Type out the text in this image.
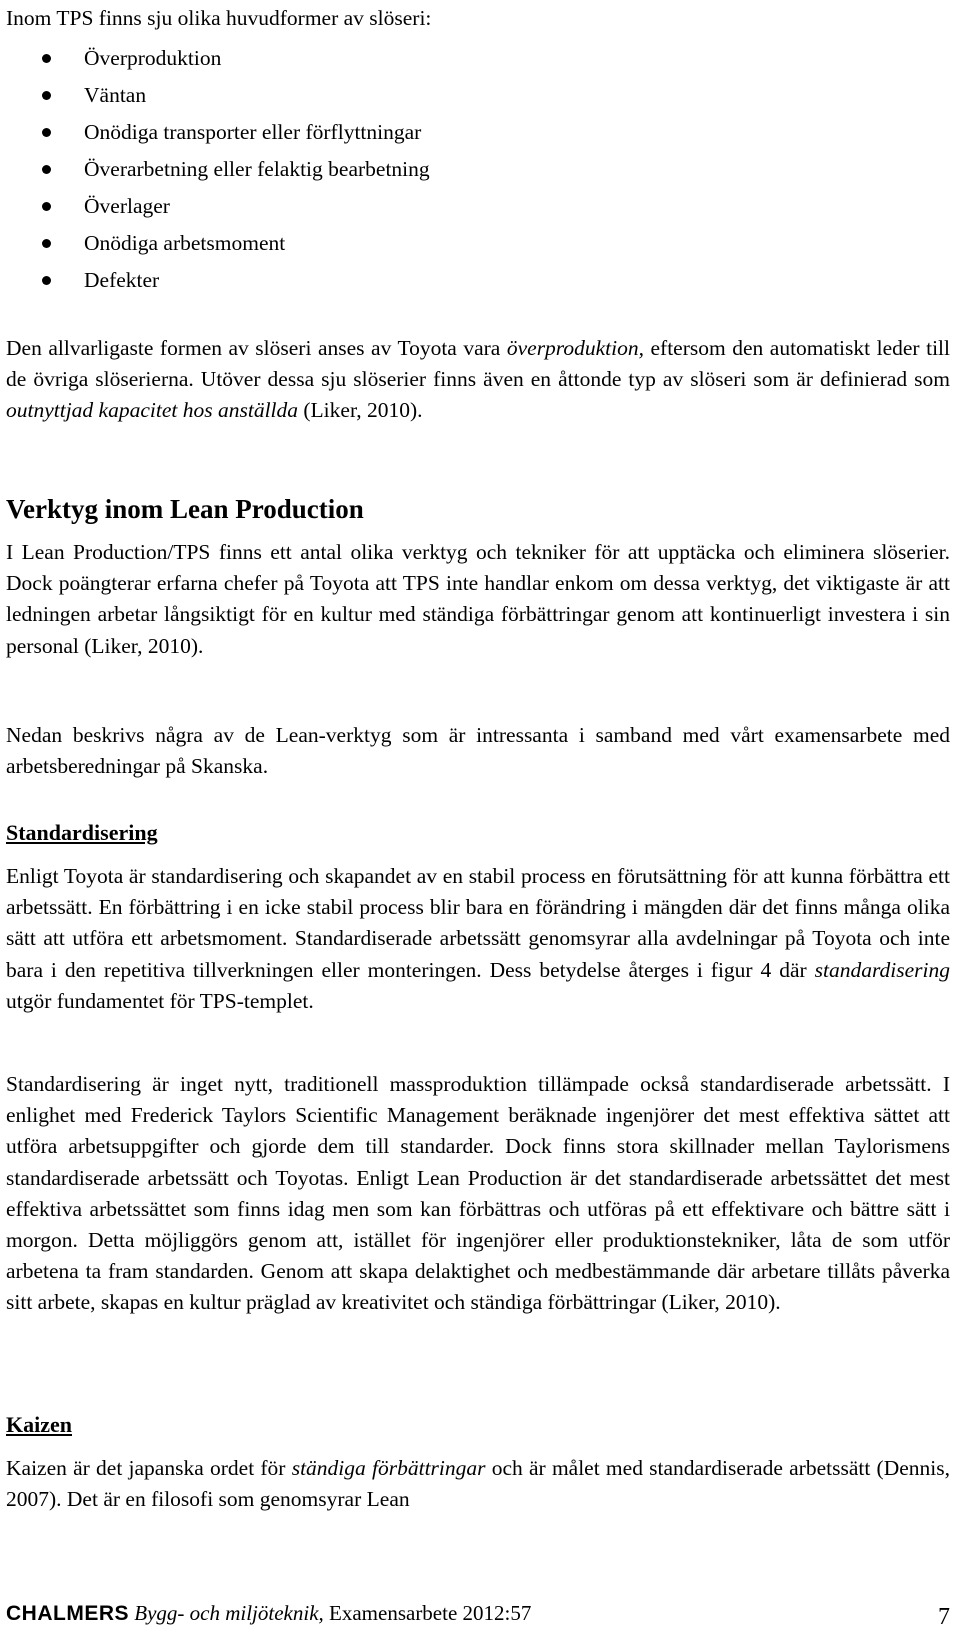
Inom TPS finns sju olika huvudformer av slöseri:

Överproduktion
Väntan
Onödiga transporter eller förflyttningar
Överarbetning eller felaktig bearbetning
Överlager
Onödiga arbetsmoment
Defekter

Den allvarligaste formen av slöseri anses av Toyota vara överproduktion, eftersom den automatiskt leder till de övriga slöserierna. Utöver dessa sju slöserier finns även en åttonde typ av slöseri som är definierad som outnyttjad kapacitet hos anställda (Liker, 2010).

Verktyg inom Lean Production

I Lean Production/TPS finns ett antal olika verktyg och tekniker för att upptäcka och eliminera slöserier. Dock poängterar erfarna chefer på Toyota att TPS inte handlar enkom om dessa verktyg, det viktigaste är att ledningen arbetar långsiktigt för en kultur med ständiga förbättringar genom att kontinuerligt investera i sin personal (Liker, 2010).

Nedan beskrivs några av de Lean-verktyg som är intressanta i samband med vårt examensarbete med arbetsberedningar på Skanska.

Standardisering

Enligt Toyota är standardisering och skapandet av en stabil process en förutsättning för att kunna förbättra ett arbetssätt. En förbättring i en icke stabil process blir bara en förändring i mängden där det finns många olika sätt att utföra ett arbetsmoment. Standardiserade arbetssätt genomsyrar alla avdelningar på Toyota och inte bara i den repetitiva tillverkningen eller monteringen. Dess betydelse återges i figur 4 där standardisering utgör fundamentet för TPS-templet.

Standardisering är inget nytt, traditionell massproduktion tillämpade också standardiserade arbetssätt. I enlighet med Frederick Taylors Scientific Management beräknade ingenjörer det mest effektiva sättet att utföra arbetsuppgifter och gjorde dem till standarder. Dock finns stora skillnader mellan Taylorismens standardiserade arbetssätt och Toyotas. Enligt Lean Production är det standardiserade arbetssättet det mest effektiva arbetssättet som finns idag men som kan förbättras och utföras på ett effektivare och bättre sätt i morgon. Detta möjliggörs genom att, istället för ingenjörer eller produktionstekniker, låta de som utför arbetena ta fram standarden. Genom att skapa delaktighet och medbestämmande där arbetare tillåts påverka sitt arbete, skapas en kultur präglad av kreativitet och ständiga förbättringar (Liker, 2010).

Kaizen

Kaizen är det japanska ordet för ständiga förbättringar och är målet med standardiserade arbetssätt (Dennis, 2007). Det är en filosofi som genomsyrar Lean

CHALMERS Bygg- och miljöteknik, Examensarbete 2012:57	7
